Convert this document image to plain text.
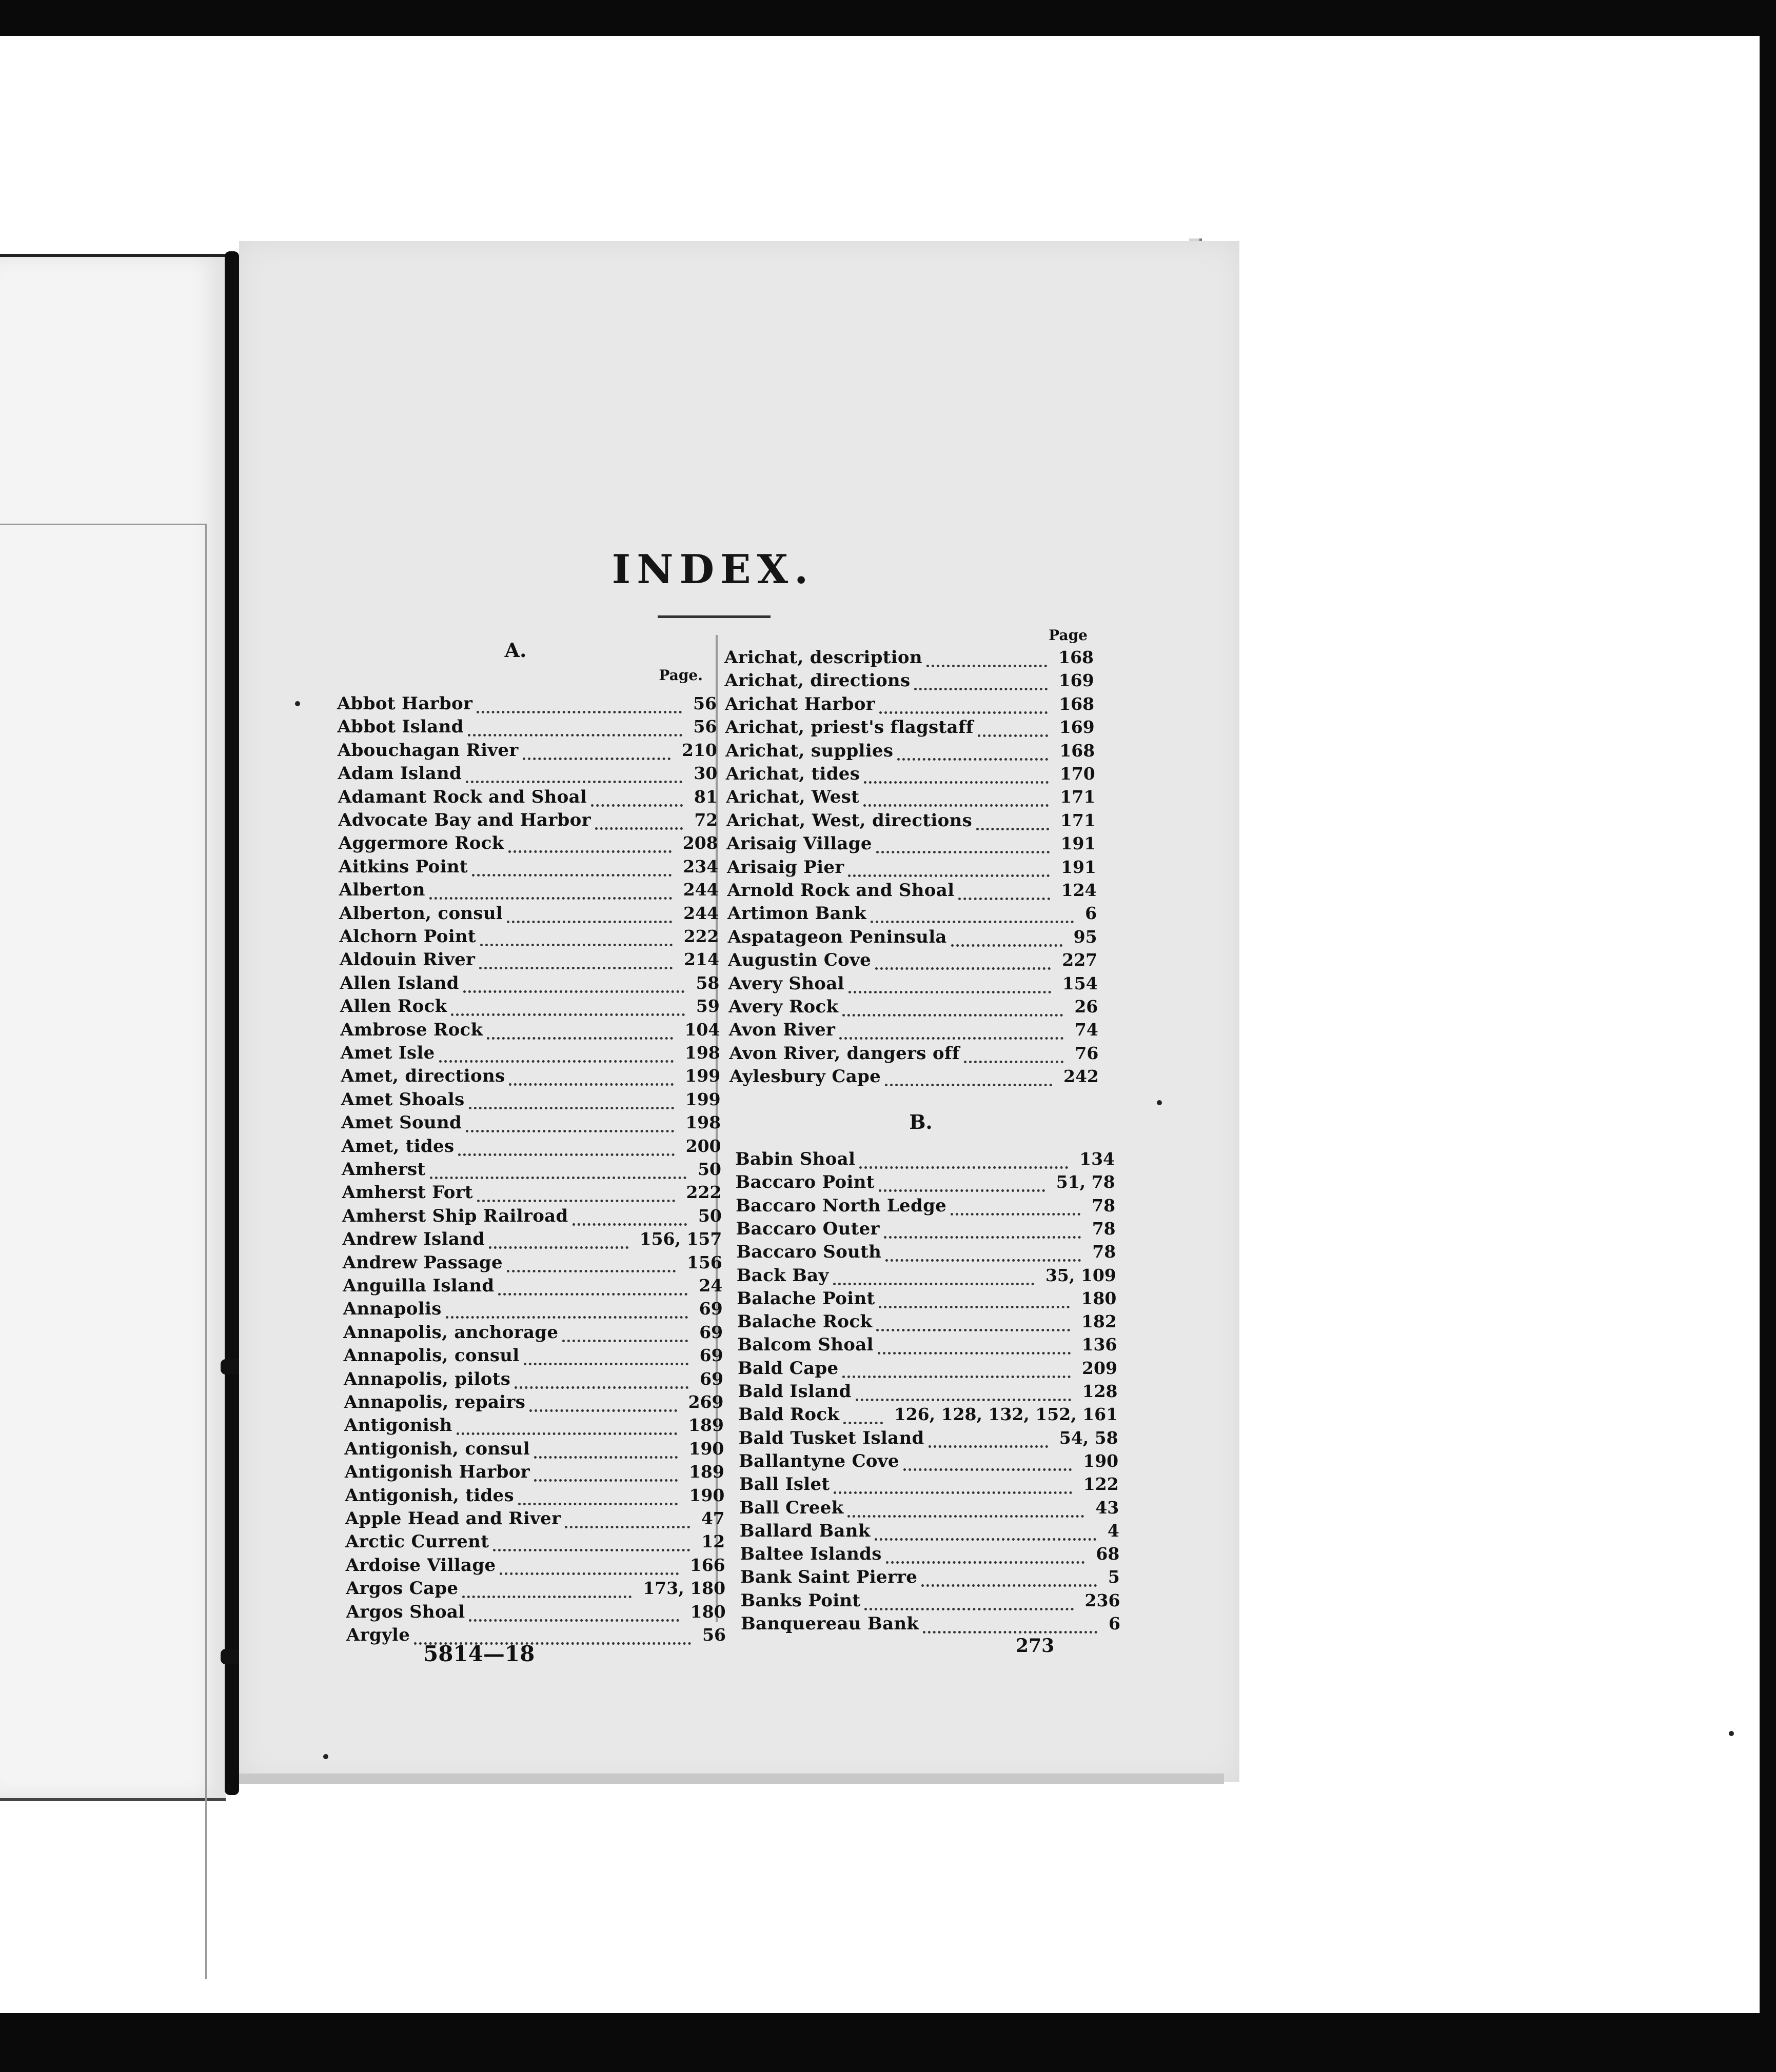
INDEX.
A.
Page.
Page
B.
Abbot Harbor	56
Abbot Island	56
Abouchagan River	210
Adam Island	30
Adamant Rock and Shoal	81
Advocate Bay and Harbor	72
Aggermore Rock	208
Aitkins Point	234
Alberton	244
Alberton, consul	244
Alchorn Point	222
Aldouin River	214
Allen Island	58
Allen Rock	59
Ambrose Rock	104
Amet Isle	198
Amet, directions	199
Amet Shoals	199
Amet Sound	198
Amet, tides	200
Amherst	50
Amherst Fort	222
Amherst Ship Railroad	50
Andrew Island	156, 157
Andrew Passage	156
Anguilla Island	24
Annapolis	69
Annapolis, anchorage	69
Annapolis, consul	69
Annapolis, pilots	69
Annapolis, repairs	269
Antigonish	189
Antigonish, consul	190
Antigonish Harbor	189
Antigonish, tides	190
Apple Head and River	47
Arctic Current	12
Ardoise Village	166
Argos Cape	173, 180
Argos Shoal	180
Argyle	56
Arichat, description	168
Arichat, directions	169
Arichat Harbor	168
Arichat, priest's flagstaff	169
Arichat, supplies	168
Arichat, tides	170
Arichat, West	171
Arichat, West, directions	171
Arisaig Village	191
Arisaig Pier	191
Arnold Rock and Shoal	124
Artimon Bank	6
Aspatageon Peninsula	95
Augustin Cove	227
Avery Shoal	154
Avery Rock	26
Avon River	74
Avon River, dangers off	76
Aylesbury Cape	242
Babin Shoal	134
Baccaro Point	51, 78
Baccaro North Ledge	78
Baccaro Outer	78
Baccaro South	78
Back Bay	35, 109
Balache Point	180
Balache Rock	182
Balcom Shoal	136
Bald Cape	209
Bald Island	128
Bald Rock	126, 128, 132, 152, 161
Bald Tusket Island	54, 58
Ballantyne Cove	190
Ball Islet	122
Ball Creek	43
Ballard Bank	4
Baltee Islands	68
Bank Saint Pierre	5
Banks Point	236
Banquereau Bank	6
5814—18	273
